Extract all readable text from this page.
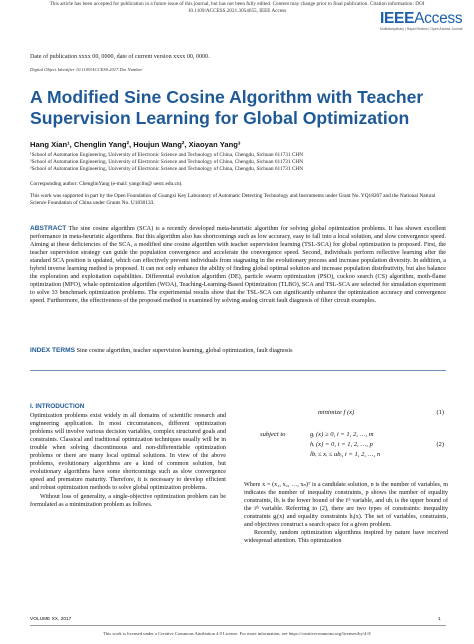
This article has been accepted for publication in a future issue of this journal, but has not been fully edited. Content may change prior to final publication. Citation information: DOI 10.1109/ACCESS.2021.3054655, IEEE Access	IEEEAccess
Multidisciplinary | Rapid Review | Open Access Journal
Date of publication xxxx 00, 0000, date of current version xxxx 00, 0000.
Digital Object Identifier 10.1109/ACCESS.2017.Doi Number
A Modified Sine Cosine Algorithm with Teacher Supervision Learning for Global Optimization
Hang Xian¹, Chenglin Yang², Houjun Wang², Xiaoyan Yang³
¹School of Automation Engineering, University of Electronic Science and Technology of China, Chengdu, Sichuan 611731 CHN
²School of Automation Engineering, University of Electronic Science and Technology of China, Chengdu, Sichuan 611731 CHN
³School of Automation Engineering, University of Electronic Science and Technology of China, Chengdu, Sichuan 611731 CHN
Corresponding author: ChenglinYang (e-mail: yangclin@ uestc.edu.cn).
This work was supported in part by the Open Foundation of Guangxi Key Laboratory of Automatic Detecting Technology and Instruments under Grant No. YQ18207 and the National Natural Science Foundation of China under Grants No. U1830133.
ABSTRACT The sine cosine algorithm (SCA) is a recently developed meta-heuristic algorithm for solving global optimization problems. It has shown excellent performance in meta-heuristic algorithms. But this algorithm also has shortcomings such as low accuracy, easy to fall into a local solution, and slow convergence speed. Aiming at these deficiencies of the SCA, a modified sine cosine algorithm with teacher supervision learning (TSL-SCA) for global optimization is proposed. First, the teacher supervision strategy can guide the population convergence and accelerate the convergence speed. Second, individuals perform reflective learning after the standard SCA position is updated, which can effectively prevent individuals from stagnating in the evolutionary process and increase population diversity. In addition, a hybrid inverse learning method is proposed. It can not only enhance the ability of finding global optimal solution and increase population distributivity, but also balance the exploration and exploitation capabilities. Differential evolution algorithm (DE), particle swarm optimization (PSO), cuckoo search (CS) algorithm, moth-flame optimization (MFO), whale optimization algorithm (WOA), Teaching-Learning-Based Optimization (TLBO), SCA and TSL-SCA are selected for simulation experiment to solve 33 benchmark optimization problems. The experimental results show that the TSL-SCA can significantly enhance the optimization accuracy and convergence speed. Furthermore, the effectiveness of the proposed method is examined by solving analog circuit fault diagnosis of filter circuit examples.
INDEX TERMS Sine cosine algorithm, teacher supervision learning, global optimization, fault diagnosis
I. INTRODUCTION
Optimization problems exist widely in all domains of scientific research and engineering application. In most circumstances, different optimization problems will involve various decision variables, complex structured goals and constraints. Classical and traditional optimization techniques usually will be in trouble when solving discontinuous and non-differentiable optimization problems or there are many local optimal solutions. In view of the above problems, evolutionary algorithms are a kind of common solution, but evolutionary algorithms have some shortcomings such as slow convergence speed and premature maturity. Therefore, it is necessary to develop efficient and robust optimization methods to solve global optimization problems.
Without loss of generality, a single-objective optimization problem can be formulated as a minimization problem as follows.
minimize f (x)	(1)
subject to	gᵢ (x) ≥ 0, i = 1, 2, …, m
hᵢ (x) = 0, i = 1, 2, …, p
lbᵢ ≤ xᵢ ≤ ubᵢ, i = 1, 2, …, n
(2)
Where x = (x₁, x₂, …, xₙ)ᵀ is a candidate solution, n is the number of variables, m indicates the number of inequality constraints, p shows the number of equality constraints, lbᵢ is the lower bound of the iᵗʰ variable, and ubᵢ is the upper bound of the iᵗʰ variable. Referring to (2), there are two types of constraints: inequality constraints gᵢ(x) and equality constraints hᵢ(x). The set of variables, constraints, and objectives construct a search space for a given problem.
Recently, random optimization algorithms inspired by nature have received widespread attention. This optimization
VOLUME XX, 2017	1
This work is licensed under a Creative Commons Attribution 4.0 License. For more information, see https://creativecommons.org/licenses/by/4.0/
